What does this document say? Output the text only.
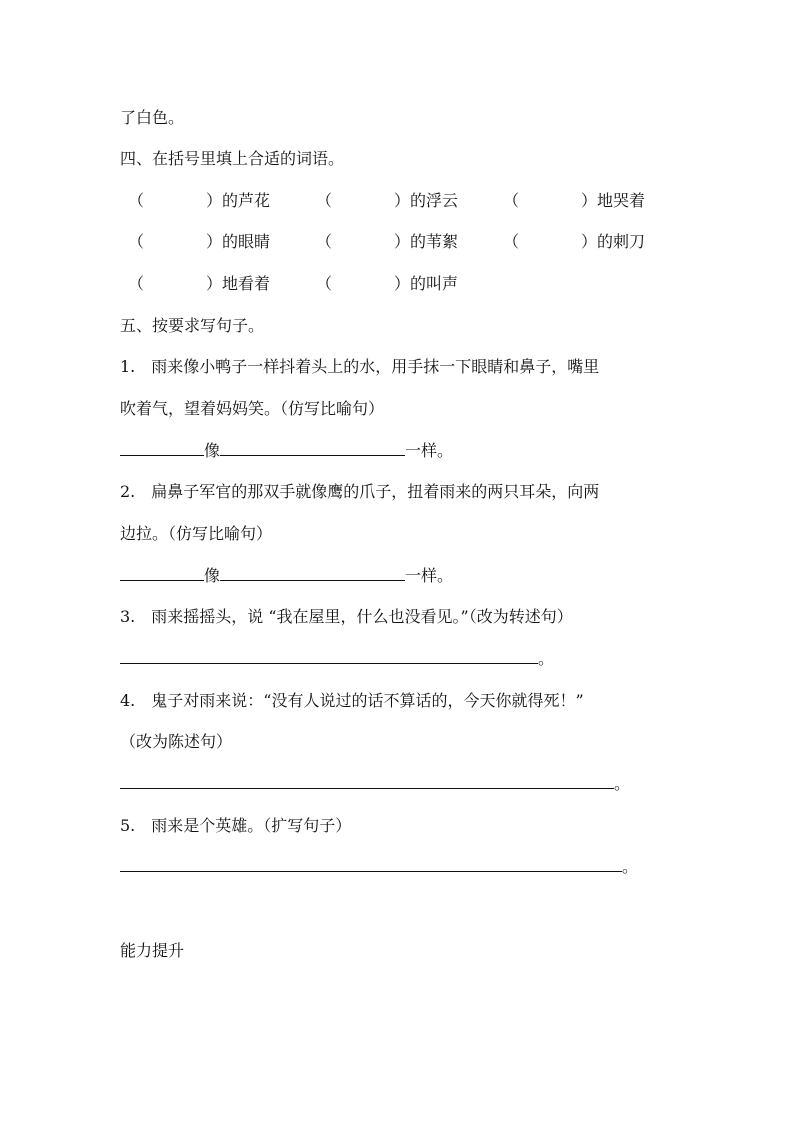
了白色。
四、在括号里填上合适的词语。
（	）的芦花	（	）的浮云	（	）地哭着
（	）的眼睛	（	）的苇絮	（	）的刺刀
（	）地看着	（	）的叫声
五、按要求写句子。
1.　雨来像小鸭子一样抖着头上的水，用手抹一下眼睛和鼻子，嘴里
吹着气，望着妈妈笑。（仿写比喻句）
像	一样。
2.　扁鼻子军官的那双手就像鹰的爪子，扭着雨来的两只耳朵，向两
边拉。（仿写比喻句）
像	一样。
3.　雨来摇摇头，说 “我在屋里，什么也没看见。”（改为转述句）
。
4.　鬼子对雨来说：“没有人说过的话不算话的，今天你就得死！”
（改为陈述句）
。
5.　雨来是个英雄。（扩写句子）
。
能力提升
